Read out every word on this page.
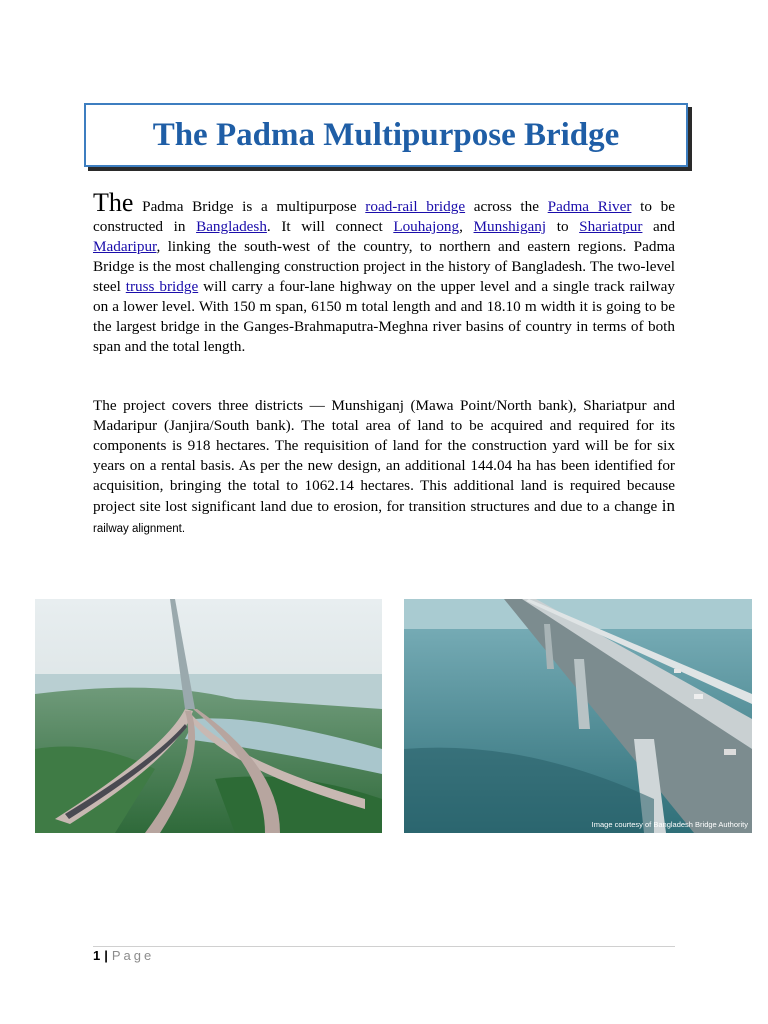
The Padma Multipurpose Bridge

The Padma Bridge is a multipurpose road-rail bridge across the Padma River to be constructed in Bangladesh. It will connect Louhajong, Munshiganj to Shariatpur and Madaripur, linking the south-west of the country, to northern and eastern regions. Padma Bridge is the most challenging construction project in the history of Bangladesh. The two-level steel truss bridge will carry a four-lane highway on the upper level and a single track railway on a lower level. With 150 m span, 6150 m total length and and 18.10 m width it is going to be the largest bridge in the Ganges-Brahmaputra-Meghna river basins of country in terms of both span and the total length.

The project covers three districts — Munshiganj (Mawa Point/North bank), Shariatpur and Madaripur (Janjira/South bank). The total area of land to be acquired and required for its components is 918 hectares. The requisition of land for the construction yard will be for six years on a rental basis. As per the new design, an additional 144.04 ha has been identified for acquisition, bringing the total to 1062.14 hectares. This additional land is required because project site lost significant land due to erosion, for transition structures and due to a change in railway alignment.

Image courtesy of Bangladesh Bridge Authority
1 | Page
